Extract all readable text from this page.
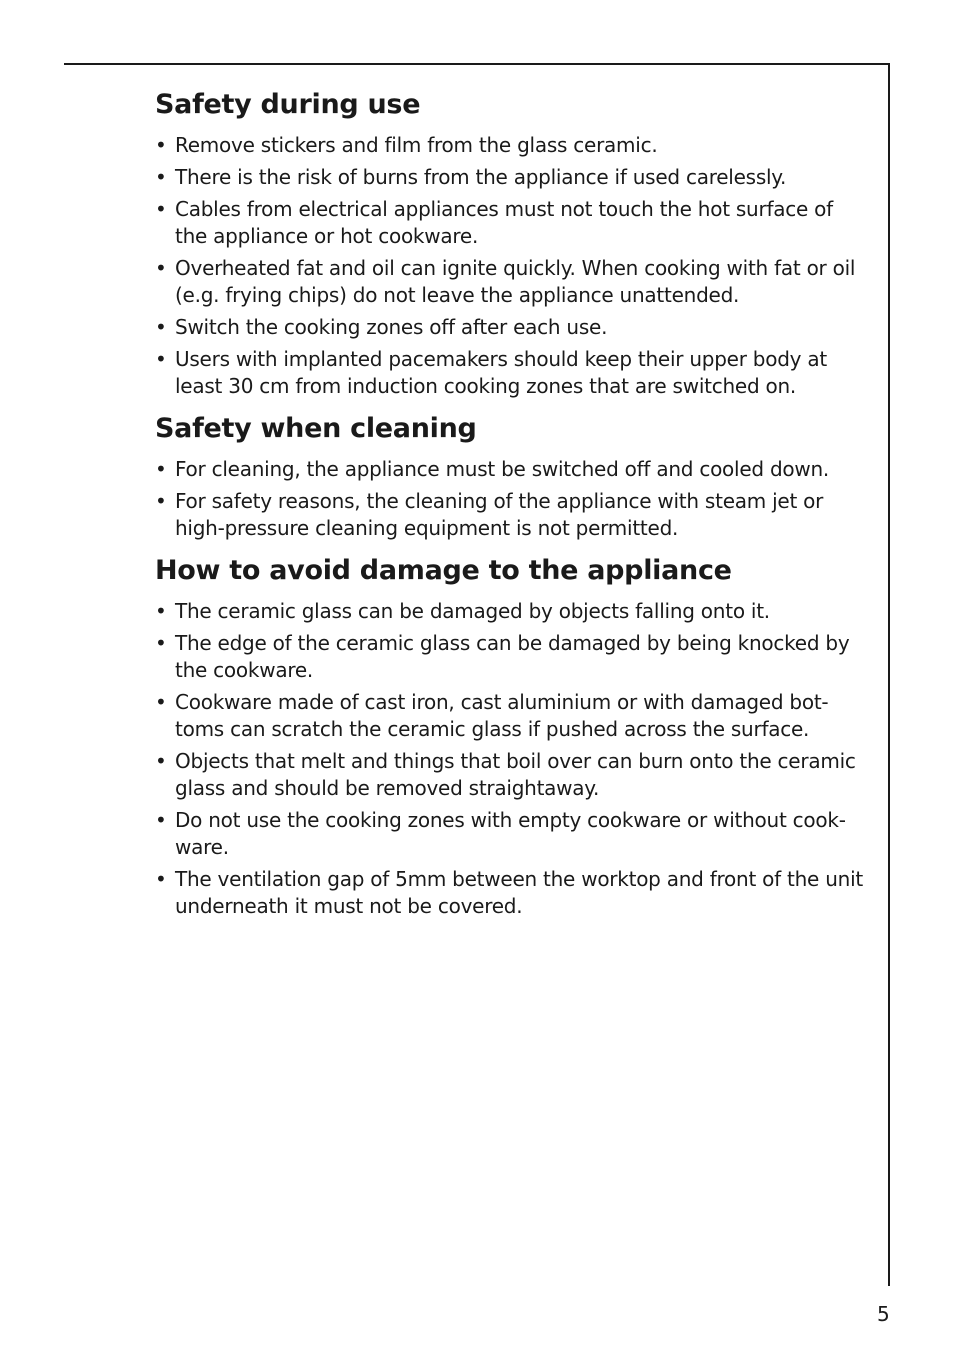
Safety during use
• Remove stickers and film from the glass ceramic.
• There is the risk of burns from the appliance if used carelessly.
• Cables from electrical appliances must not touch the hot surface of the appliance or hot cookware.
• Overheated fat and oil can ignite quickly. When cooking with fat or oil (e.g. frying chips) do not leave the appliance unattended.
• Switch the cooking zones off after each use.
• Users with implanted pacemakers should keep their upper body at least 30 cm from induction cooking zones that are switched on.
Safety when cleaning
• For cleaning, the appliance must be switched off and cooled down.
• For safety reasons, the cleaning of the appliance with steam jet or high-pressure cleaning equipment is not permitted.
How to avoid damage to the appliance
• The ceramic glass can be damaged by objects falling onto it.
• The edge of the ceramic glass can be damaged by being knocked by the cookware.
• Cookware made of cast iron, cast aluminium or with damaged bot-toms can scratch the ceramic glass if pushed across the surface.
• Objects that melt and things that boil over can burn onto the ceramic glass and should be removed straightaway.
• Do not use the cooking zones with empty cookware or without cook-ware.
• The ventilation gap of 5mm between the worktop and front of the unit underneath it must not be covered.
5
